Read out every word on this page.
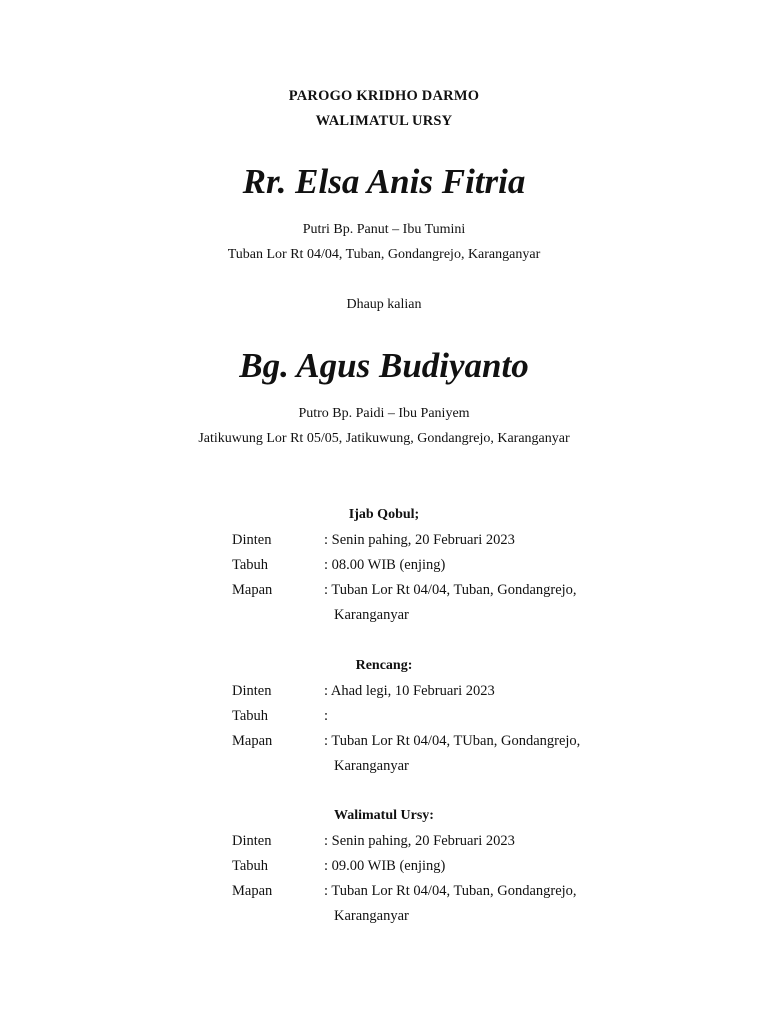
PAROGO KRIDHO DARMO
WALIMATUL URSY
Rr. Elsa Anis Fitria
Putri Bp. Panut – Ibu Tumini
Tuban Lor Rt 04/04, Tuban, Gondangrejo, Karanganyar
Dhaup kalian
Bg. Agus Budiyanto
Putro Bp. Paidi – Ibu Paniyem
Jatikuwung Lor Rt 05/05, Jatikuwung, Gondangrejo, Karanganyar
Ijab Qobul;
Dinten	: Senin pahing, 20 Februari 2023
Tabuh	: 08.00 WIB (enjing)
Mapan	: Tuban Lor Rt 04/04, Tuban, Gondangrejo,
Karanganyar
Rencang:
Dinten	: Ahad legi, 10 Februari 2023
Tabuh	:
Mapan	: Tuban Lor Rt 04/04, TUban, Gondangrejo,
Karanganyar
Walimatul Ursy:
Dinten	: Senin pahing, 20 Februari 2023
Tabuh	: 09.00 WIB (enjing)
Mapan	: Tuban Lor Rt 04/04, Tuban, Gondangrejo,
Karanganyar
